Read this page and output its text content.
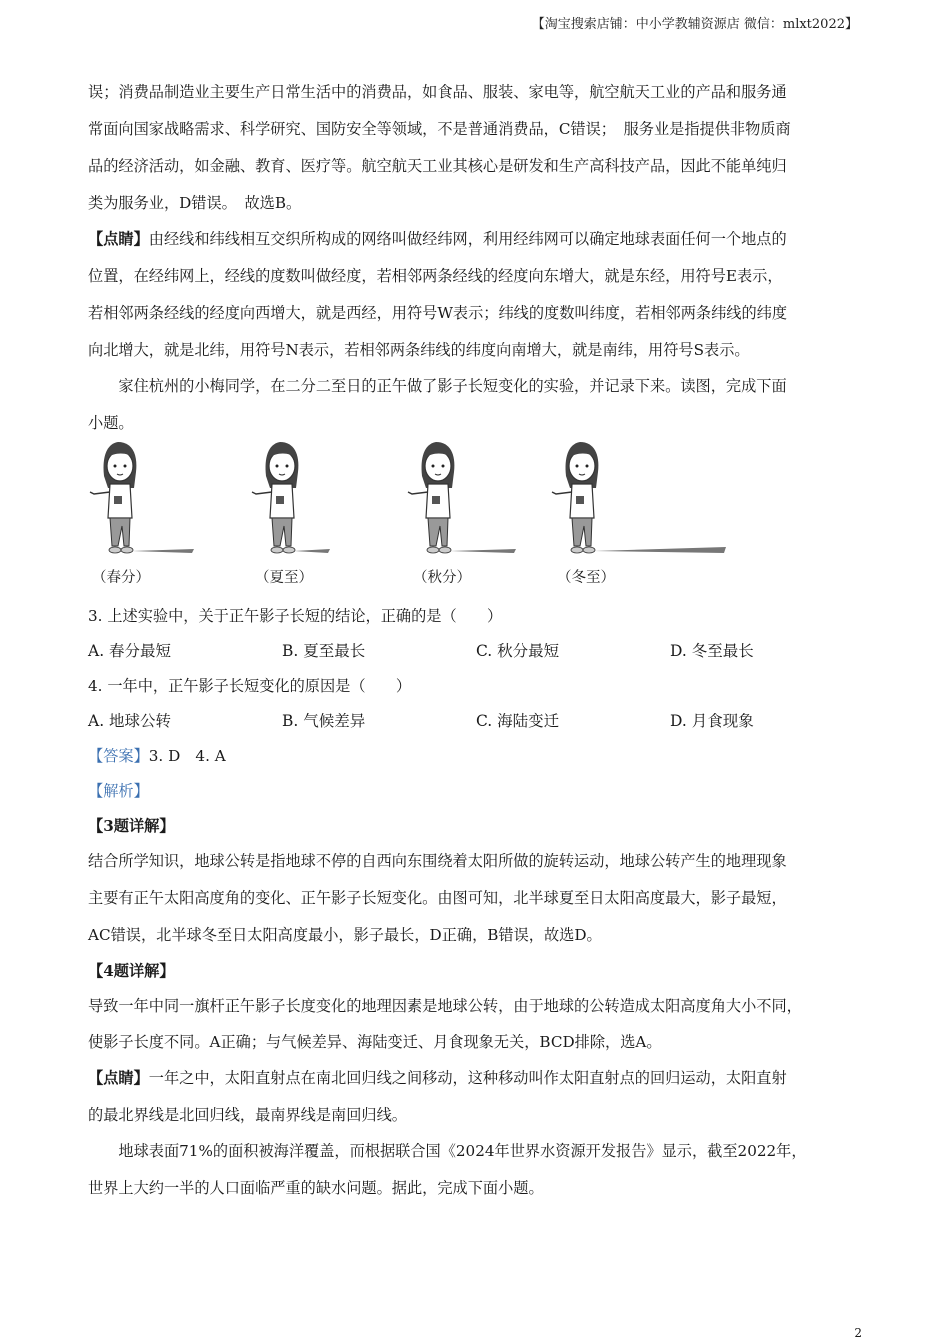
【淘宝搜索店铺：中小学教辅资源店 微信：mlxt2022】
误；消费品制造业主要生产日常生活中的消费品，如食品、服装、家电等，航空航天工业的产品和服务通
常面向国家战略需求、科学研究、国防安全等领域，不是普通消费品，C错误；　服务业是指提供非物质商
品的经济活动，如金融、教育、医疗等。航空航天工业其核心是研发和生产高科技产品，因此不能单纯归
类为服务业，D错误。　故选B。
【点睛】由经线和纬线相互交织所构成的网络叫做经纬网，利用经纬网可以确定地球表面任何一个地点的
位置，在经纬网上，经线的度数叫做经度，若相邻两条经线的经度向东增大，就是东经，用符号E表示，
若相邻两条经线的经度向西增大，就是西经，用符号W表示；纬线的度数叫纬度，若相邻两条纬线的纬度
向北增大，就是北纬，用符号N表示，若相邻两条纬线的纬度向南增大，就是南纬，用符号S表示。
　　家住杭州的小梅同学，在二分二至日的正午做了影子长短变化的实验，并记录下来。读图，完成下面
小题。
（春分）	（夏至）	（秋分）	（冬至）
3. 上述实验中，关于正午影子长短的结论，正确的是（　　）
A. 春分最短	B. 夏至最长	C. 秋分最短	D. 冬至最长
4. 一年中，正午影子长短变化的原因是（　　）
A. 地球公转	B. 气候差异	C. 海陆变迁	D. 月食现象
【答案】3. D　4. A
【解析】
【3题详解】
结合所学知识，地球公转是指地球不停的自西向东围绕着太阳所做的旋转运动，地球公转产生的地理现象
主要有正午太阳高度角的变化、正午影子长短变化。由图可知，北半球夏至日太阳高度最大，影子最短，
AC错误，北半球冬至日太阳高度最小，影子最长，D正确，B错误，故选D。
【4题详解】
导致一年中同一旗杆正午影子长度变化的地理因素是地球公转，由于地球的公转造成太阳高度角大小不同，
使影子长度不同。A正确；与气候差异、海陆变迁、月食现象无关，BCD排除，选A。
【点睛】一年之中，太阳直射点在南北回归线之间移动，这种移动叫作太阳直射点的回归运动，太阳直射
的最北界线是北回归线，最南界线是南回归线。
　　地球表面71%的面积被海洋覆盖，而根据联合国《2024年世界水资源开发报告》显示，截至2022年，
世界上大约一半的人口面临严重的缺水问题。据此，完成下面小题。
2
